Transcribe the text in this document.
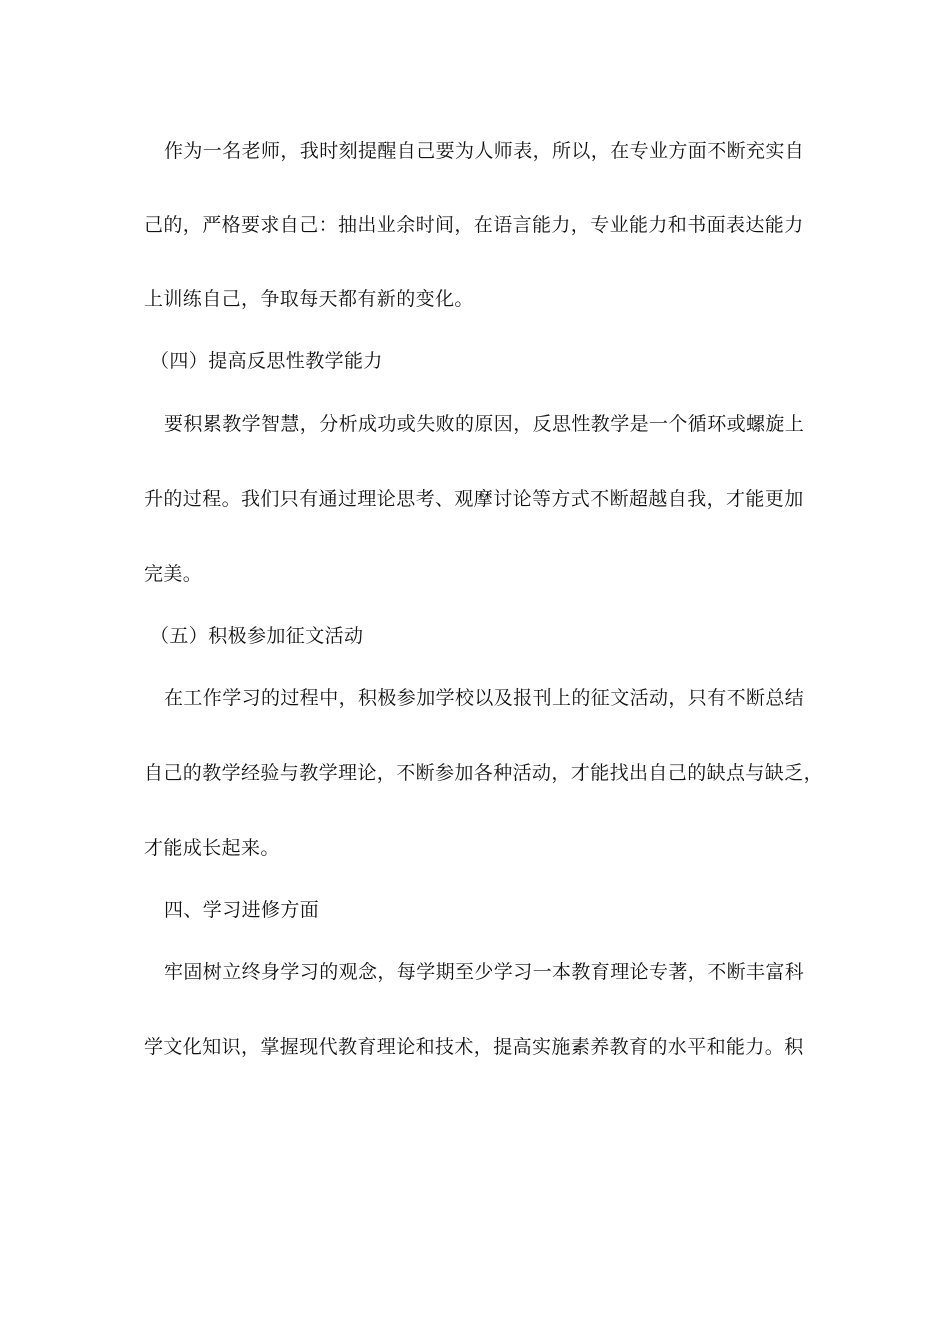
作为一名老师，我时刻提醒自己要为人师表，所以，在专业方面不断充实自
己的，严格要求自己：抽出业余时间，在语言能力，专业能力和书面表达能力
上训练自己，争取每天都有新的变化。
（四）提高反思性教学能力
要积累教学智慧，分析成功或失败的原因，反思性教学是一个循环或螺旋上
升的过程。我们只有通过理论思考、观摩讨论等方式不断超越自我，才能更加
完美。
（五）积极参加征文活动
在工作学习的过程中，积极参加学校以及报刊上的征文活动，只有不断总结
自己的教学经验与教学理论，不断参加各种活动，才能找出自己的缺点与缺乏，
才能成长起来。
四、学习进修方面
牢固树立终身学习的观念，每学期至少学习一本教育理论专著，不断丰富科
学文化知识，掌握现代教育理论和技术，提高实施素养教育的水平和能力。积
